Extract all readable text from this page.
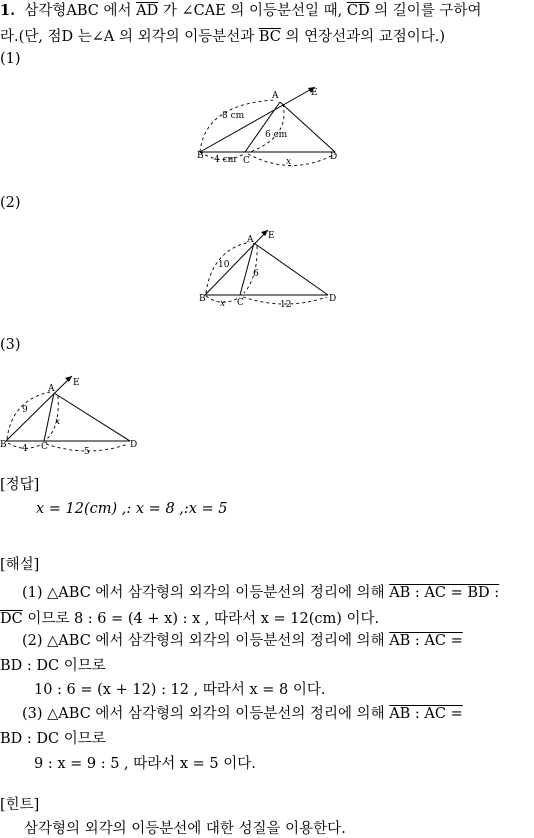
1. 삼각형ABC 에서 $\overline{AD}$ 가 ∠CAE 의 이등분선일 때, $\overline{CD}$ 의 길이를 구하여
라.(단, 점D 는∠A 의 외각의 이등분선과 $\overline{BC}$ 의 연장선과의 교점이다.)
(1)
A
B	C	D
E
8 cm
6 cm
4 cm	x
(2)
A
B	C	D
E
10
6
x	12
(3)
A
B	C	D
E
9
x
4	5
[정답]
x = 12(cm) ,: x = 8 ,:x = 5
[해설]
(1) △ABC 에서 삼각형의 외각의 이등분선의 정리에 의해 AB : AC = BD :
$\overline{DC}$ 이므로 8 : 6 = (4 + x) : x , 따라서 x = 12(cm) 이다.
(2) △ABC 에서 삼각형의 외각의 이등분선의 정리에 의해 AB : AC =
BD : DC 이므로
10 : 6 = (x + 12) : 12 , 따라서 x = 8 이다.
(3) △ABC 에서 삼각형의 외각의 이등분선의 정리에 의해 AB : AC =
BD : DC 이므로
9 : x = 9 : 5 , 따라서 x = 5 이다.
[힌트]
삼각형의 외각의 이등분선에 대한 성질을 이용한다.
